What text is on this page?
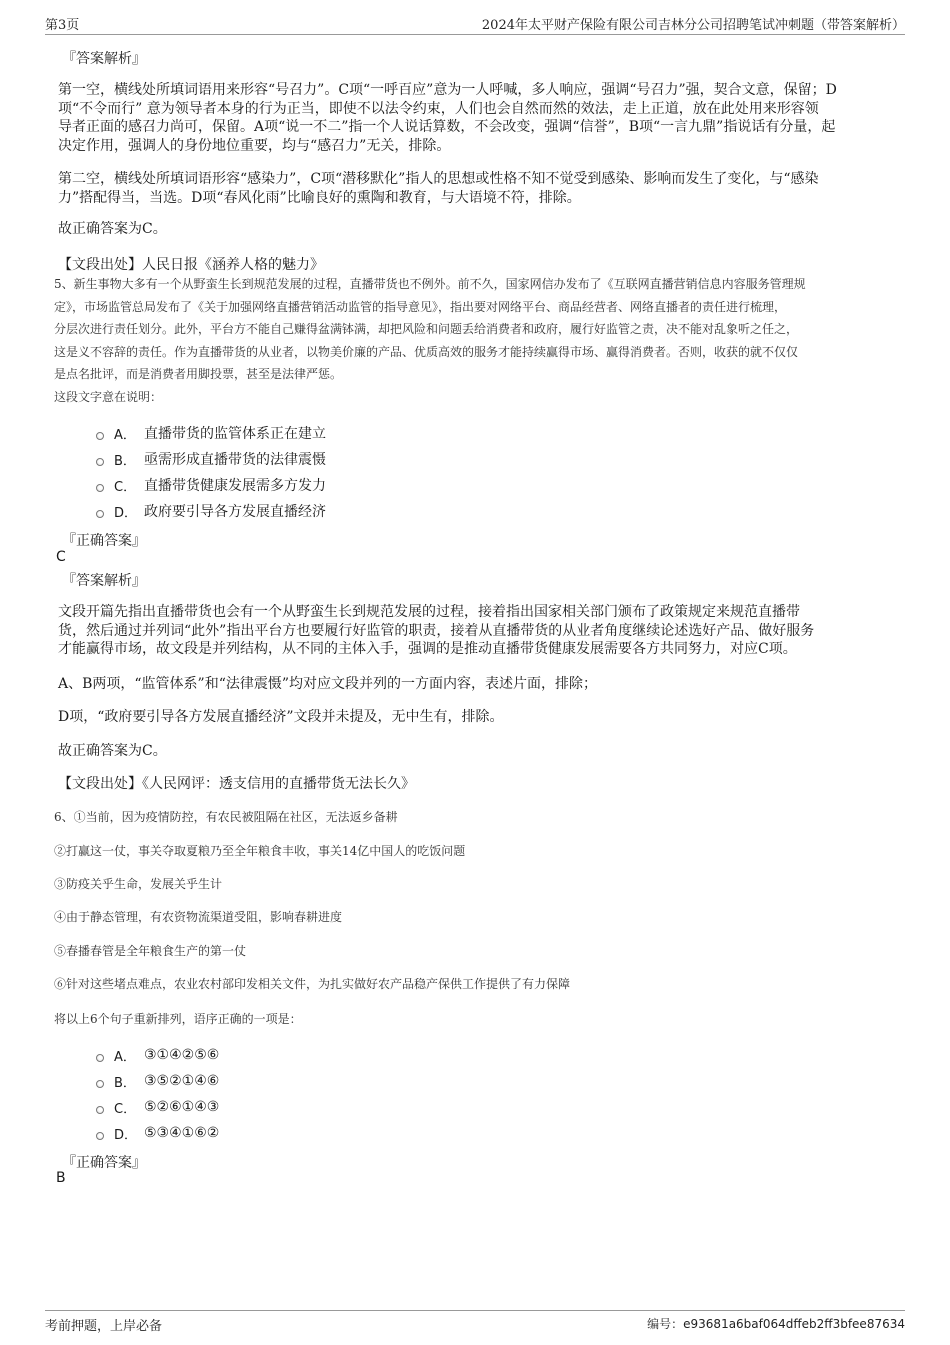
第3页	2024年太平财产保险有限公司吉林分公司招聘笔试冲刺题（带答案解析）
『答案解析』
第一空，横线处所填词语用来形容“号召力”。C项“一呼百应”意为一人呼喊，多人响应，强调“号召力”强，契合文意，保留；D
项“不令而行” 意为领导者本身的行为正当，即使不以法令约束，人们也会自然而然的效法，走上正道，放在此处用来形容领
导者正面的感召力尚可，保留。A项“说一不二”指一个人说话算数，不会改变，强调“信誉”，B项“一言九鼎”指说话有分量，起
决定作用，强调人的身份地位重要，均与“感召力”无关，排除。
第二空，横线处所填词语形容“感染力”，C项“潜移默化”指人的思想或性格不知不觉受到感染、影响而发生了变化，与“感染
力”搭配得当，当选。D项“春风化雨”比喻良好的熏陶和教育，与大语境不符，排除。
故正确答案为C。
【文段出处】人民日报《涵养人格的魅力》
5、新生事物大多有一个从野蛮生长到规范发展的过程，直播带货也不例外。前不久，国家网信办发布了《互联网直播营销信息内容服务管理规
定》，市场监管总局发布了《关于加强网络直播营销活动监管的指导意见》，指出要对网络平台、商品经营者、网络直播者的责任进行梳理，
分层次进行责任划分。此外，平台方不能自己赚得盆满钵满，却把风险和问题丢给消费者和政府，履行好监管之责，决不能对乱象听之任之，
这是义不容辞的责任。作为直播带货的从业者，以物美价廉的产品、优质高效的服务才能持续赢得市场、赢得消费者。否则，收获的就不仅仅
是点名批评，而是消费者用脚投票，甚至是法律严惩。
这段文字意在说明：
A． 直播带货的监管体系正在建立
B． 亟需形成直播带货的法律震慑
C． 直播带货健康发展需多方发力
D． 政府要引导各方发展直播经济
『正确答案』
C
『答案解析』
文段开篇先指出直播带货也会有一个从野蛮生长到规范发展的过程，接着指出国家相关部门颁布了政策规定来规范直播带
货，然后通过并列词“此外”指出平台方也要履行好监管的职责，接着从直播带货的从业者角度继续论述选好产品、做好服务
才能赢得市场，故文段是并列结构，从不同的主体入手，强调的是推动直播带货健康发展需要各方共同努力，对应C项。
A、B两项，“监管体系”和“法律震慑”均对应文段并列的一方面内容，表述片面，排除；
D项，“政府要引导各方发展直播经济”文段并未提及，无中生有，排除。
故正确答案为C。
【文段出处】《人民网评：透支信用的直播带货无法长久》
6、①当前，因为疫情防控，有农民被阻隔在社区，无法返乡备耕
②打赢这一仗，事关夺取夏粮乃至全年粮食丰收，事关14亿中国人的吃饭问题
③防疫关乎生命，发展关乎生计
④由于静态管理，有农资物流渠道受阻，影响春耕进度
⑤春播春管是全年粮食生产的第一仗
⑥针对这些堵点难点，农业农村部印发相关文件，为扎实做好农产品稳产保供工作提供了有力保障
将以上6个句子重新排列，语序正确的一项是：
A． ③①④②⑤⑥
B． ③⑤②①④⑥
C． ⑤②⑥①④③
D． ⑤③④①⑥②
『正确答案』
B
考前押题，上岸必备	编号：e93681a6baf064dffeb2ff3bfee87634
